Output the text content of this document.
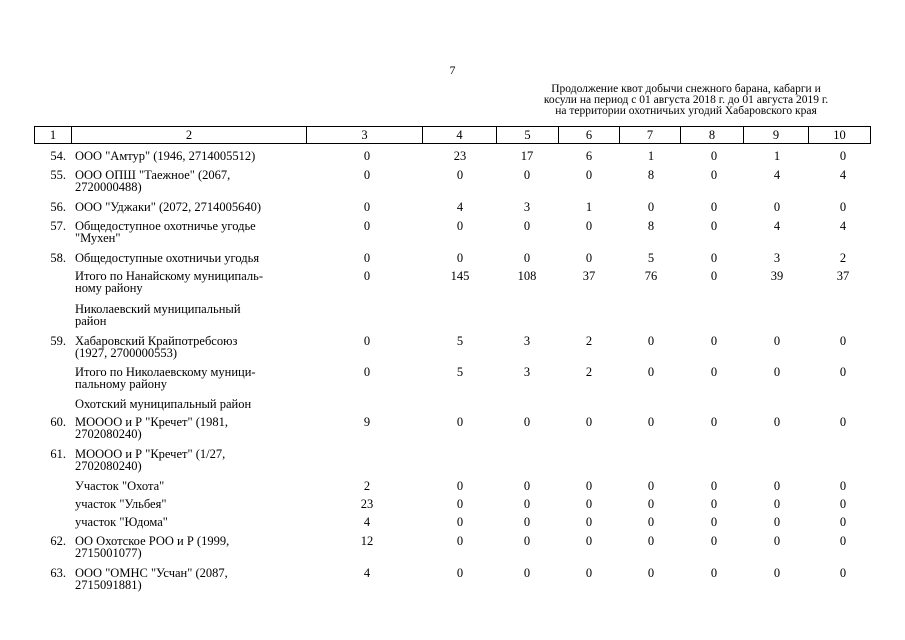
7
Продолжение квот добычи снежного барана, кабарги и
косули на период с 01 августа 2018 г. до 01 августа 2019 г.
на территории охотничьих угодий Хабаровского края
1	2	3	4	5	6	7	8	9	10
54. ООО "Амтур" (1946, 2714005512)	0	23	17	6	1	0	1	0
55. ООО ОПШ "Таежное" (2067,
2720000488)
0	0	0	0	8	0	4	4
56. ООО "Уджаки" (2072, 2714005640)	0	4	3	1	0	0	0	0
57. Общедоступное охотничье угодье
"Мухен"
0	0	0	0	8	0	4	4
58. Общедоступные охотничьи угодья	0	0	0	0	5	0	3	2
Итого по Нанайскому муниципаль-
ному району
0	145	108	37	76	0	39	37
Николаевский муниципальный
район
59. Хабаровский Крайпотребсоюз
(1927, 2700000553)
0	5	3	2	0	0	0	0
Итого по Николаевскому муници-
пальному району
0	5	3	2	0	0	0	0
Охотский муниципальный район
60. МОООО и Р "Кречет" (1981,
2702080240)
9	0	0	0	0	0	0	0
61. МОООО и Р "Кречет" (1/27,
2702080240)
Участок "Охота"	2	0	0	0	0	0	0	0
участок "Ульбея"	23	0	0	0	0	0	0	0
участок "Юдома"	4	0	0	0	0	0	0	0
62. ОО Охотское РОО и Р (1999,
2715001077)
12	0	0	0	0	0	0	0
63. ООО "ОМНС "Усчан" (2087,
2715091881)
4	0	0	0	0	0	0	0
